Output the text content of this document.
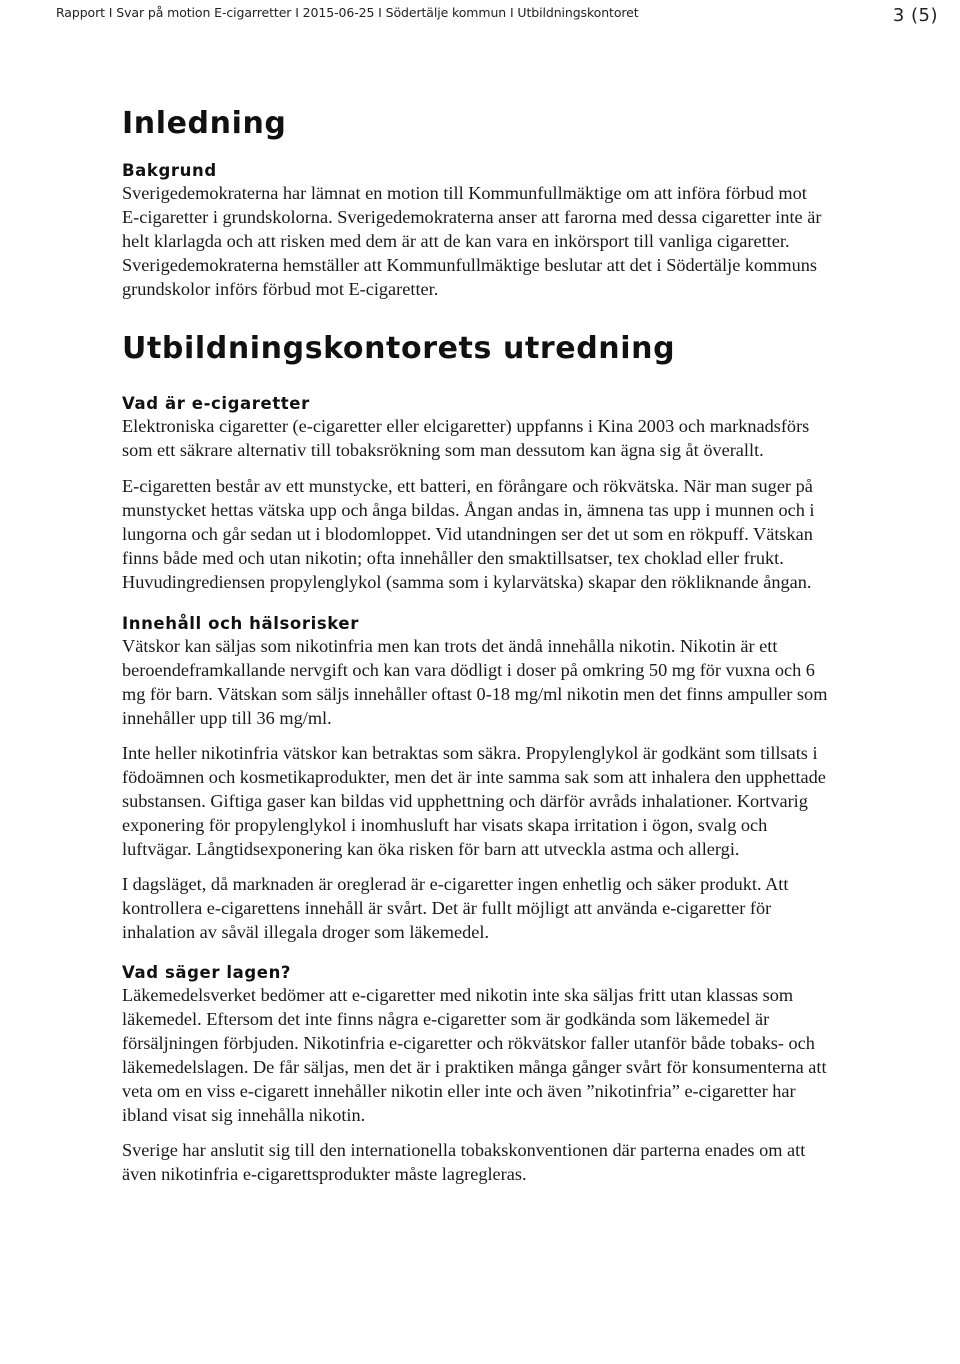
Rapport I Svar på motion E-cigarretter I 2015-06-25 I Södertälje kommun I Utbildningskontoret	3 (5)
Inledning
Bakgrund

Sverigedemokraterna har lämnat en motion till Kommunfullmäktige om att införa förbud mot
E-cigaretter i grundskolorna. Sverigedemokraterna anser att farorna med dessa cigaretter inte är
helt klarlagda och att risken med dem är att de kan vara en inkörsport till vanliga cigaretter.
Sverigedemokraterna hemställer att Kommunfullmäktige beslutar att det i Södertälje kommuns
grundskolor införs förbud mot E-cigaretter.

Utbildningskontorets utredning
Vad är e-cigaretter

Elektroniska cigaretter (e-cigaretter eller elcigaretter) uppfanns i Kina 2003 och marknadsförs
som ett säkrare alternativ till tobaksrökning som man dessutom kan ägna sig åt överallt.

E-cigaretten består av ett munstycke, ett batteri, en förångare och rökvätska. När man suger på
munstycket hettas vätska upp och ånga bildas. Ångan andas in, ämnena tas upp i munnen och i
lungorna och går sedan ut i blodomloppet. Vid utandningen ser det ut som en rökpuff. Vätskan
finns både med och utan nikotin; ofta innehåller den smaktillsatser, tex choklad eller frukt.
Huvudingrediensen propylenglykol (samma som i kylarvätska) skapar den rökliknande ångan.

Innehåll och hälsorisker

Vätskor kan säljas som nikotinfria men kan trots det ändå innehålla nikotin. Nikotin är ett
beroendeframkallande nervgift och kan vara dödligt i doser på omkring 50 mg för vuxna och 6
mg för barn. Vätskan som säljs innehåller oftast 0-18 mg/ml nikotin men det finns ampuller som
innehåller upp till 36 mg/ml.

Inte heller nikotinfria vätskor kan betraktas som säkra. Propylenglykol är godkänt som tillsats i
födoämnen och kosmetikaprodukter, men det är inte samma sak som att inhalera den upphettade
substansen. Giftiga gaser kan bildas vid upphettning och därför avråds inhalationer. Kortvarig
exponering för propylenglykol i inomhusluft har visats skapa irritation i ögon, svalg och
luftvägar. Långtidsexponering kan öka risken för barn att utveckla astma och allergi.

I dagsläget, då marknaden är oreglerad är e-cigaretter ingen enhetlig och säker produkt. Att
kontrollera e-cigarettens innehåll är svårt. Det är fullt möjligt att använda e-cigaretter för
inhalation av såväl illegala droger som läkemedel.

Vad säger lagen?

Läkemedelsverket bedömer att e-cigaretter med nikotin inte ska säljas fritt utan klassas som
läkemedel. Eftersom det inte finns några e-cigaretter som är godkända som läkemedel är
försäljningen förbjuden. Nikotinfria e-cigaretter och rökvätskor faller utanför både tobaks- och
läkemedelslagen. De får säljas, men det är i praktiken många gånger svårt för konsumenterna att
veta om en viss e-cigarett innehåller nikotin eller inte och även ”nikotinfria” e-cigaretter har
ibland visat sig innehålla nikotin.

Sverige har anslutit sig till den internationella tobakskonventionen där parterna enades om att
även nikotinfria e-cigarettsprodukter måste lagregleras.
